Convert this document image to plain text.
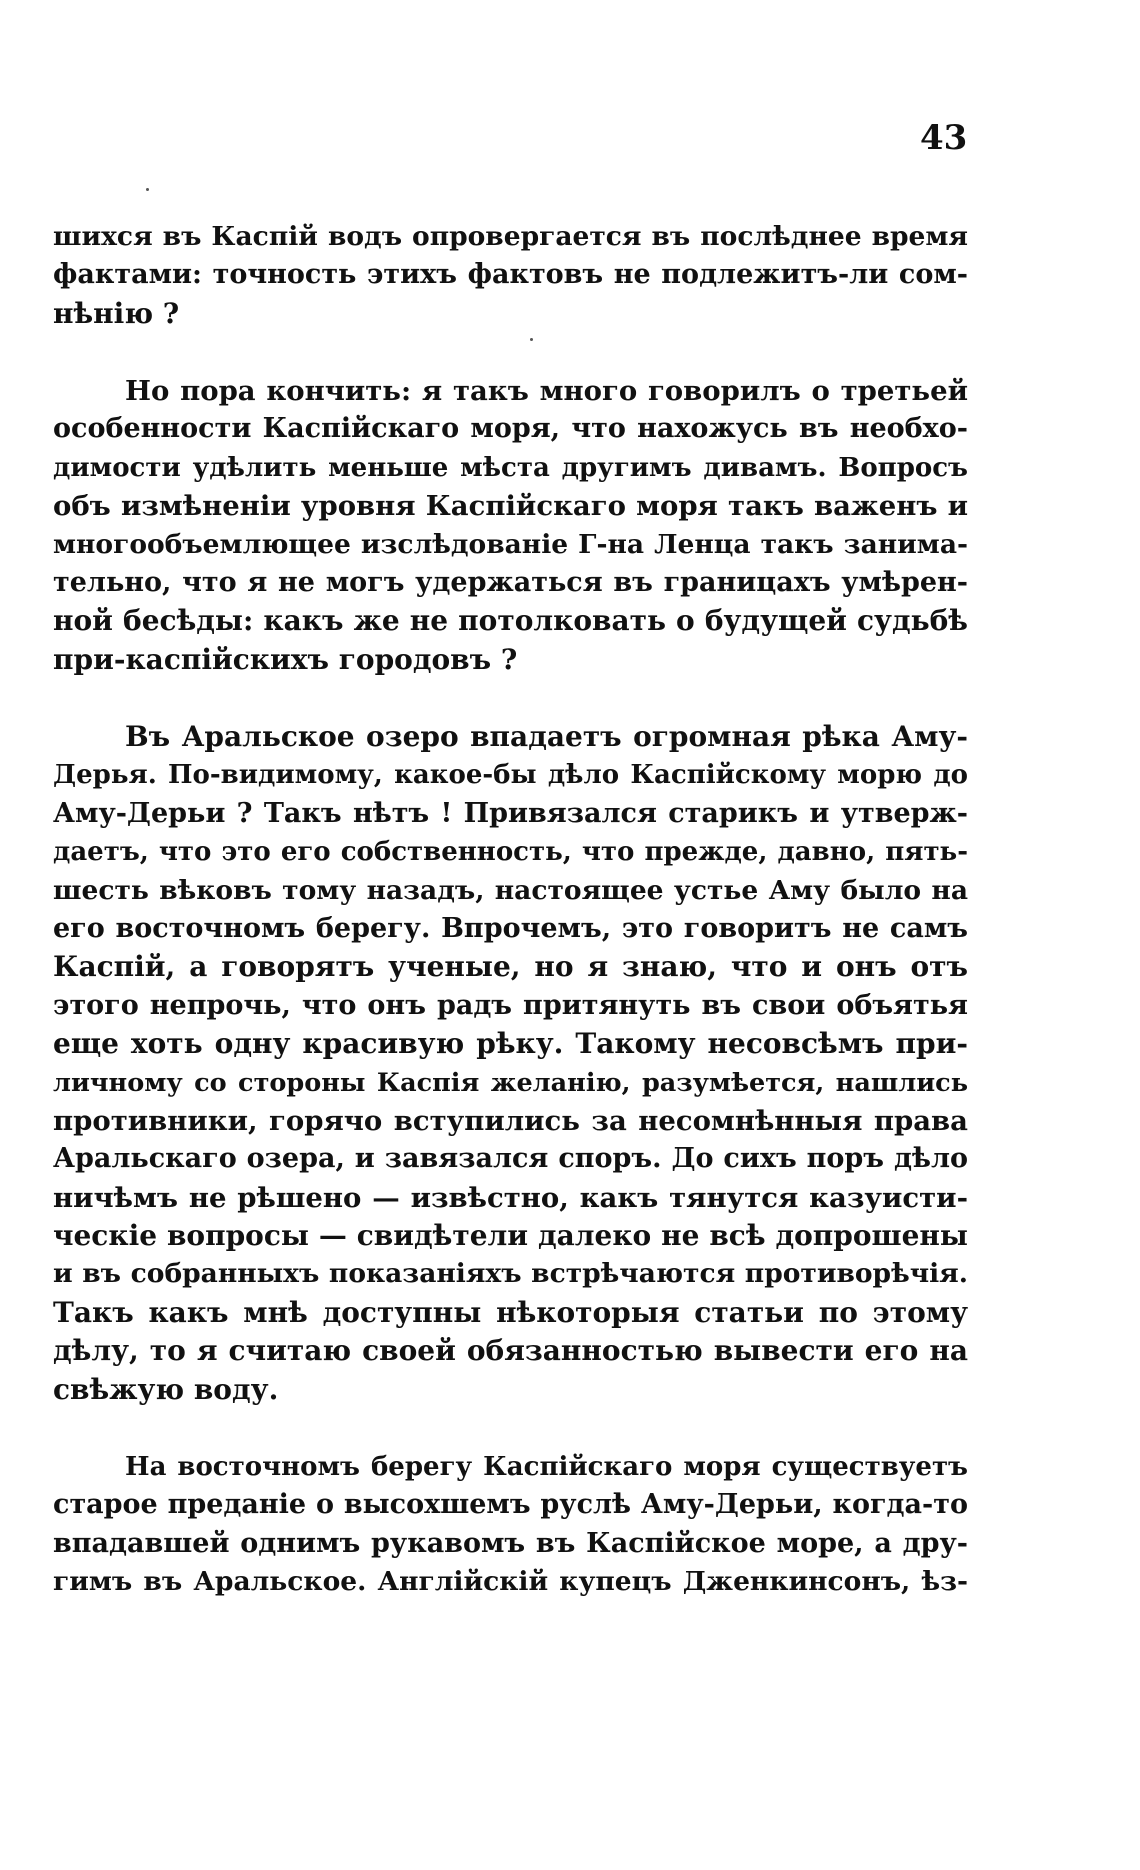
43
шихся въ Каспій водъ опровергается въ послѣднее время
фактами: точность этихъ фактовъ не подлежитъ-ли сом-
нѣнію ?
Но пора кончить: я такъ много говорилъ о третьей
особенности Каспійскаго моря, что нахожусь въ необхо-
димости удѣлить меньше мѣста другимъ дивамъ. Вопросъ
объ измѣненіи уровня Каспійскаго моря такъ важенъ и
многообъемлющее изслѣдованіе Г-на Ленца такъ занима-
тельно, что я не могъ удержаться въ границахъ умѣрен-
ной бесѣды: какъ же не потолковать о будущей судьбѣ
при-каспійскихъ городовъ ?
Въ Аральское озеро впадаетъ огромная рѣка Аму-
Дерья. По-видимому, какое-бы дѣло Каспійскому морю до
Аму-Дерьи ? Такъ нѣтъ ! Привязался старикъ и утверж-
даетъ, что это его собственность, что прежде, давно, пять-
шесть вѣковъ тому назадъ, настоящее устье Аму было на
его восточномъ берегу. Впрочемъ, это говоритъ не самъ
Каспій, а говорятъ ученые, но я знаю, что и онъ отъ
этого непрочь, что онъ радъ притянуть въ свои объятья
еще хоть одну красивую рѣку. Такому несовсѣмъ при-
личному со стороны Каспія желанію, разумѣется, нашлись
противники, горячо вступились за несомнѣнныя права
Аральскаго озера, и завязался споръ. До сихъ поръ дѣло
ничѣмъ не рѣшено — извѣстно, какъ тянутся казуисти-
ческіе вопросы — свидѣтели далеко не всѣ допрошены
и въ собранныхъ показаніяхъ встрѣчаются противорѣчія.
Такъ какъ мнѣ доступны нѣкоторыя статьи по этому
дѣлу, то я считаю своей обязанностью вывести его на
свѣжую воду.
На восточномъ берегу Каспійскаго моря существуетъ
старое преданіе о высохшемъ руслѣ Аму-Дерьи, когда-то
впадавшей однимъ рукавомъ въ Каспійское море, а дру-
гимъ въ Аральское. Англійскій купецъ Дженкинсонъ, ѣз-
